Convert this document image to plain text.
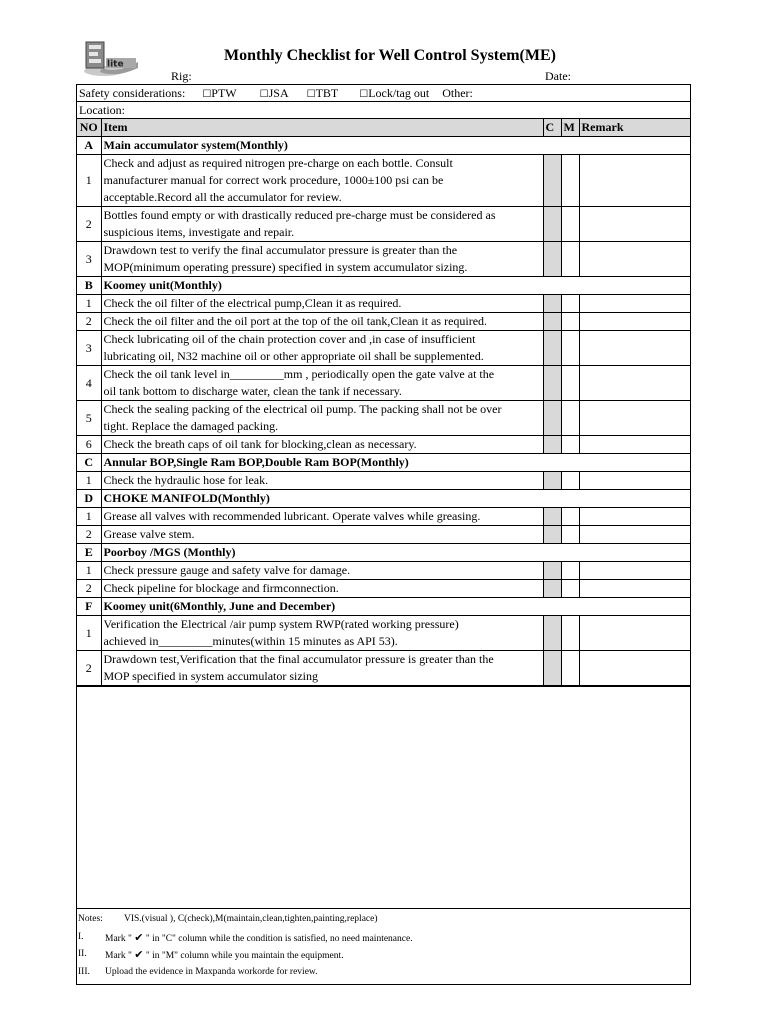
lite
Monthly Checklist for Well Control System(ME)
Rig:	Date:
Safety considerations: ☐PTW ☐JSA ☐TBT ☐Lock/tag out Other:
Location:
NO	Item	C	M	Remark
A	Main accumulator system(Monthly)			
1	Check and adjust as required nitrogen pre-charge on each bottle. Consult
manufacturer manual for correct work procedure, 1000±100 psi can be
acceptable.Record all the accumulator for review.			

2	Bottles found empty or with drastically reduced pre-charge must be considered as
suspicious items, investigate and repair.			

3	Drawdown test to verify the final accumulator pressure is greater than the
MOP(minimum operating pressure) specified in system accumulator sizing.			

B	Koomey unit(Monthly)			
1	Check the oil filter of the electrical pump,Clean it as required.			

2	Check the oil filter and the oil port at the top of the oil tank,Clean it as required.			

3	Check lubricating oil of the chain protection cover and ,in case of insufficient
lubricating oil, N32 machine oil or other appropriate oil shall be supplemented.			

4	Check the oil tank level in_________mm , periodically open the gate valve at the
oil tank bottom to discharge water, clean the tank if necessary.			

5	Check the sealing packing of the electrical oil pump. The packing shall not be over
tight. Replace the damaged packing.			

6	Check the breath caps of oil tank for blocking,clean as necessary.			

C	Annular BOP,Single Ram BOP,Double Ram BOP(Monthly)			
1	Check the hydraulic hose for leak.			

D	CHOKE MANIFOLD(Monthly)			
1	Grease all valves with recommended lubricant. Operate valves while greasing.			

2	Grease valve stem.			

E	Poorboy /MGS (Monthly)			
1	Check pressure gauge and safety valve for damage.			

2	Check pipeline for blockage and firmconnection.			

F	Koomey unit(6Monthly, June and December)			
1	Verification the Electrical /air pump system RWP(rated working pressure)
achieved in_________minutes(within 15 minutes as API 53).			

2	Drawdown test,Verification that the final accumulator pressure is greater than the
MOP specified in system accumulator sizing			

Notes: VIS.(visual ), C(check),M(maintain,clean,tighten,painting,replace)
I. Mark " ✔ " in "C" column while the condition is satisfied, no need maintenance.
II. Mark " ✔ " in "M" column while you maintain the equipment.
III. Upload the evidence in Maxpanda workorde for review.
